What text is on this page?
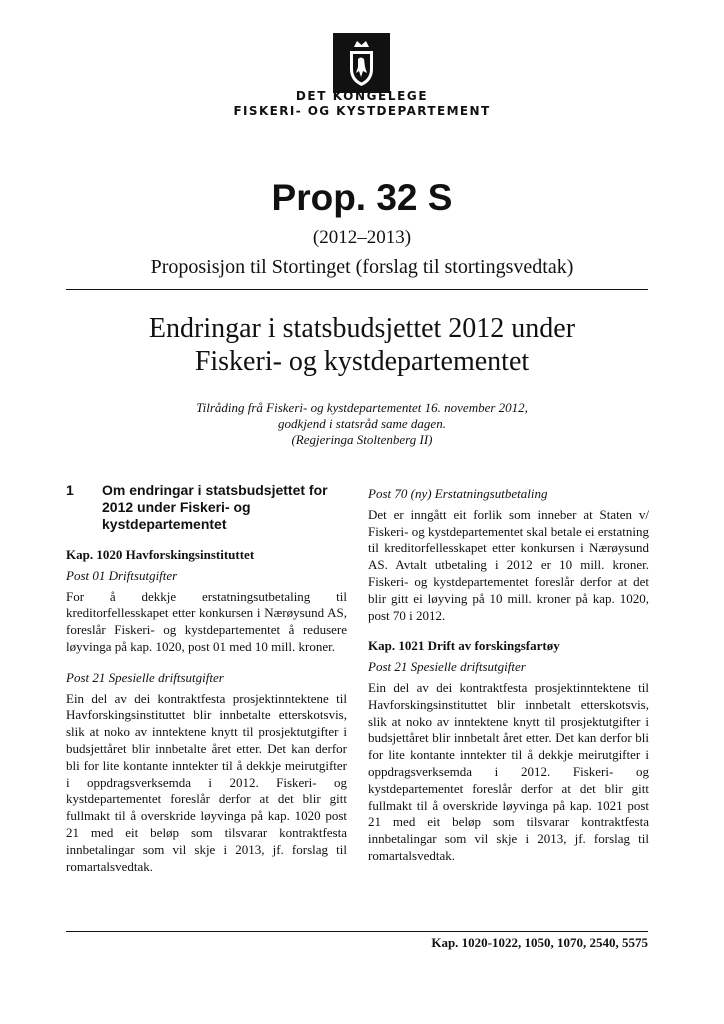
DET KONGELEGE
FISKERI- OG KYSTDEPARTEMENT
Prop. 32 S
(2012–2013)
Proposisjon til Stortinget (forslag til stortingsvedtak)
Endringar i statsbudsjettet 2012 under
Fiskeri- og kystdepartementet
Tilråding frå Fiskeri- og kystdepartementet 16. november 2012,
godkjend i statsråd same dagen.
(Regjeringa Stoltenberg II)
1	Om endringar i statsbudsjettet for 2012 under Fiskeri- og kystdepartementet

Kap. 1020 Havforskingsinstituttet

Post 01 Driftsutgifter

For å dekkje erstatningsutbetaling til kreditorfellesskapet etter konkursen i Nærøysund AS, foreslår Fiskeri- og kystdepartementet å redusere løyvinga på kap. 1020, post 01 med 10 mill. kroner.

Post 21 Spesielle driftsutgifter

Ein del av dei kontraktfesta prosjektinntektene til Havforskingsinstituttet blir innbetalte etterskotsvis, slik at noko av inntektene knytt til prosjektutgifter i budsjettåret blir innbetalte året etter. Det kan derfor bli for lite kontante inntekter til å dekkje meirutgifter i oppdragsverksemda i 2012. Fiskeri- og kystdepartementet foreslår derfor at det blir gitt fullmakt til å overskride løyvinga på kap. 1020 post 21 med eit beløp som tilsvarar kontraktfesta innbetalingar som vil skje i 2013, jf. forslag til romartalsvedtak.

Post 70 (ny) Erstatningsutbetaling

Det er inngått eit forlik som inneber at Staten v/ Fiskeri- og kystdepartementet skal betale ei erstatning til kreditorfellesskapet etter konkursen i Nærøysund AS. Avtalt utbetaling i 2012 er 10 mill. kroner. Fiskeri- og kystdepartementet foreslår derfor at det blir gitt ei løyving på 10 mill. kroner på kap. 1020, post 70 i 2012.

Kap. 1021 Drift av forskingsfartøy

Post 21 Spesielle driftsutgifter

Ein del av dei kontraktfesta prosjektinntektene til Havforskingsinstituttet blir innbetalt etterskotsvis, slik at noko av inntektene knytt til prosjektutgifter i budsjettåret blir innbetalt året etter. Det kan derfor bli for lite kontante inntekter til å dekkje meirutgifter i oppdragsverksemda i 2012. Fiskeri- og kystdepartementet foreslår derfor at det blir gitt fullmakt til å overskride løyvinga på kap. 1021 post 21 med eit beløp som tilsvarar kontraktfesta innbetalingar som vil skje i 2013, jf. forslag til romartalsvedtak.

Kap. 1020-1022, 1050, 1070, 2540, 5575
